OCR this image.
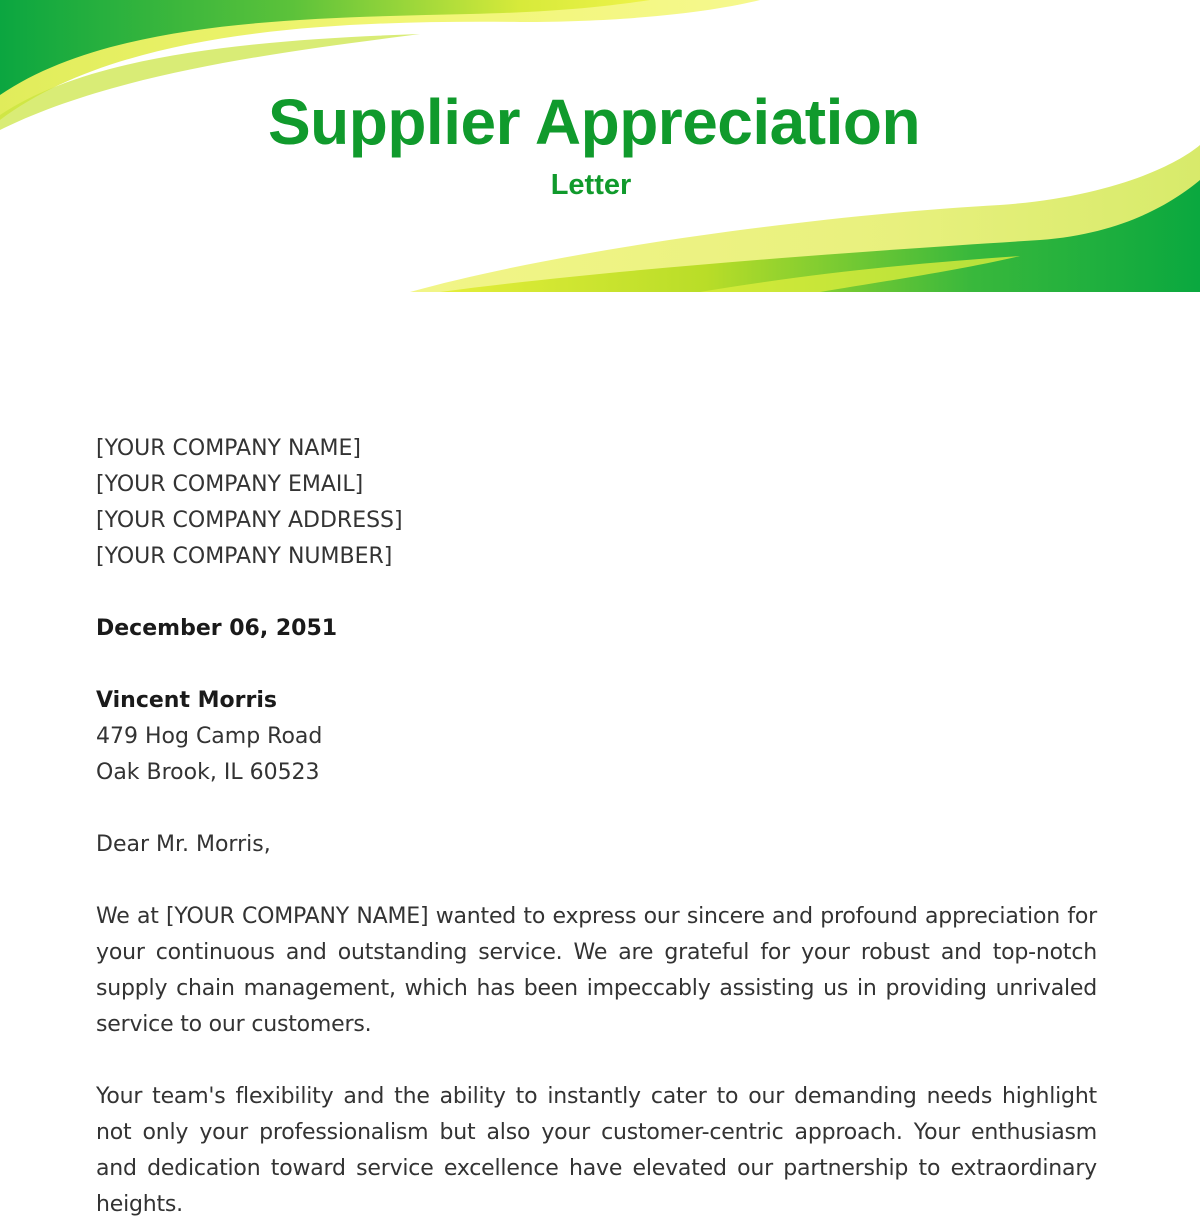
Supplier Appreciation
Letter
[YOUR COMPANY NAME]
[YOUR COMPANY EMAIL]
[YOUR COMPANY ADDRESS]
[YOUR COMPANY NUMBER]
December 06, 2051
Vincent Morris
479 Hog Camp Road
Oak Brook, IL 60523
Dear Mr. Morris,

We at [YOUR COMPANY NAME] wanted to express our sincere and profound appreciation for your continuous and outstanding service. We are grateful for your robust and top-notch supply chain management, which has been impeccably assisting us in providing unrivaled service to our customers.

Your team's flexibility and the ability to instantly cater to our demanding needs highlight not only your professionalism but also your customer-centric approach. Your enthusiasm and dedication toward service excellence have elevated our partnership to extraordinary heights.
